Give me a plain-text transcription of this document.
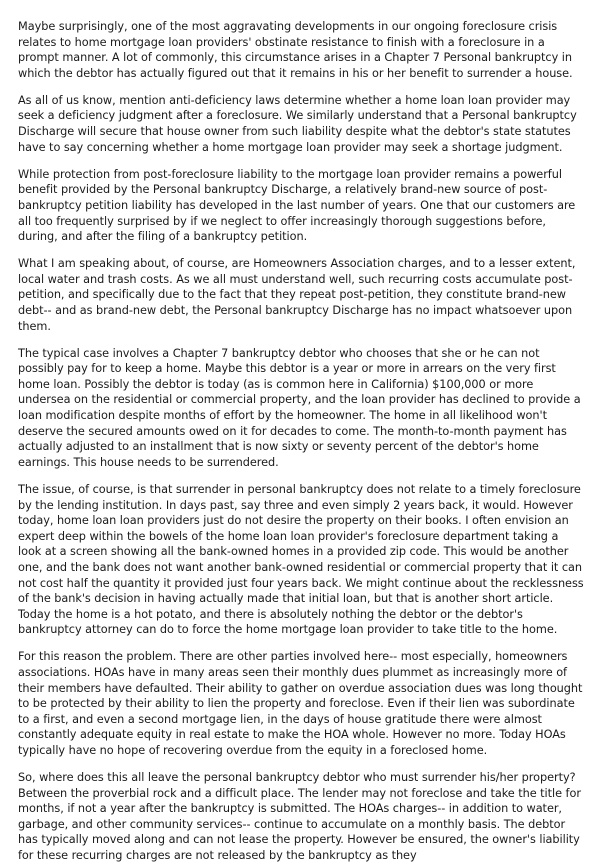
Maybe surprisingly, one of the most aggravating developments in our ongoing foreclosure crisis relates to home mortgage loan providers' obstinate resistance to finish with a foreclosure in a prompt manner. A lot of commonly, this circumstance arises in a Chapter 7 Personal bankruptcy in which the debtor has actually figured out that it remains in his or her benefit to surrender a house.

As all of us know, mention anti-deficiency laws determine whether a home loan loan provider may seek a deficiency judgment after a foreclosure. We similarly understand that a Personal bankruptcy Discharge will secure that house owner from such liability despite what the debtor's state statutes have to say concerning whether a home mortgage loan provider may seek a shortage judgment.

While protection from post-foreclosure liability to the mortgage loan provider remains a powerful benefit provided by the Personal bankruptcy Discharge, a relatively brand-new source of post-bankruptcy petition liability has developed in the last number of years. One that our customers are all too frequently surprised by if we neglect to offer increasingly thorough suggestions before, during, and after the filing of a bankruptcy petition.

What I am speaking about, of course, are Homeowners Association charges, and to a lesser extent, local water and trash costs. As we all must understand well, such recurring costs accumulate post-petition, and specifically due to the fact that they repeat post-petition, they constitute brand-new debt-- and as brand-new debt, the Personal bankruptcy Discharge has no impact whatsoever upon them.

The typical case involves a Chapter 7 bankruptcy debtor who chooses that she or he can not possibly pay for to keep a home. Maybe this debtor is a year or more in arrears on the very first home loan. Possibly the debtor is today (as is common here in California) $100,000 or more undersea on the residential or commercial property, and the loan provider has declined to provide a loan modification despite months of effort by the homeowner. The home in all likelihood won't deserve the secured amounts owed on it for decades to come. The month-to-month payment has actually adjusted to an installment that is now sixty or seventy percent of the debtor's home earnings. This house needs to be surrendered.

The issue, of course, is that surrender in personal bankruptcy does not relate to a timely foreclosure by the lending institution. In days past, say three and even simply 2 years back, it would. However today, home loan loan providers just do not desire the property on their books. I often envision an expert deep within the bowels of the home loan loan provider's foreclosure department taking a look at a screen showing all the bank-owned homes in a provided zip code. This would be another one, and the bank does not want another bank-owned residential or commercial property that it can not cost half the quantity it provided just four years back. We might continue about the recklessness of the bank's decision in having actually made that initial loan, but that is another short article. Today the home is a hot potato, and there is absolutely nothing the debtor or the debtor's bankruptcy attorney can do to force the home mortgage loan provider to take title to the home.

For this reason the problem. There are other parties involved here-- most especially, homeowners associations. HOAs have in many areas seen their monthly dues plummet as increasingly more of their members have defaulted. Their ability to gather on overdue association dues was long thought to be protected by their ability to lien the property and foreclose. Even if their lien was subordinate to a first, and even a second mortgage lien, in the days of house gratitude there were almost constantly adequate equity in real estate to make the HOA whole. However no more. Today HOAs typically have no hope of recovering overdue from the equity in a foreclosed home.

So, where does this all leave the personal bankruptcy debtor who must surrender his/her property? Between the proverbial rock and a difficult place. The lender may not foreclose and take the title for months, if not a year after the bankruptcy is submitted. The HOAs charges-- in addition to water, garbage, and other community services-- continue to accumulate on a monthly basis. The debtor has typically moved along and can not lease the property. However be ensured, the owner's liability for these recurring charges are not released by the bankruptcy as they
